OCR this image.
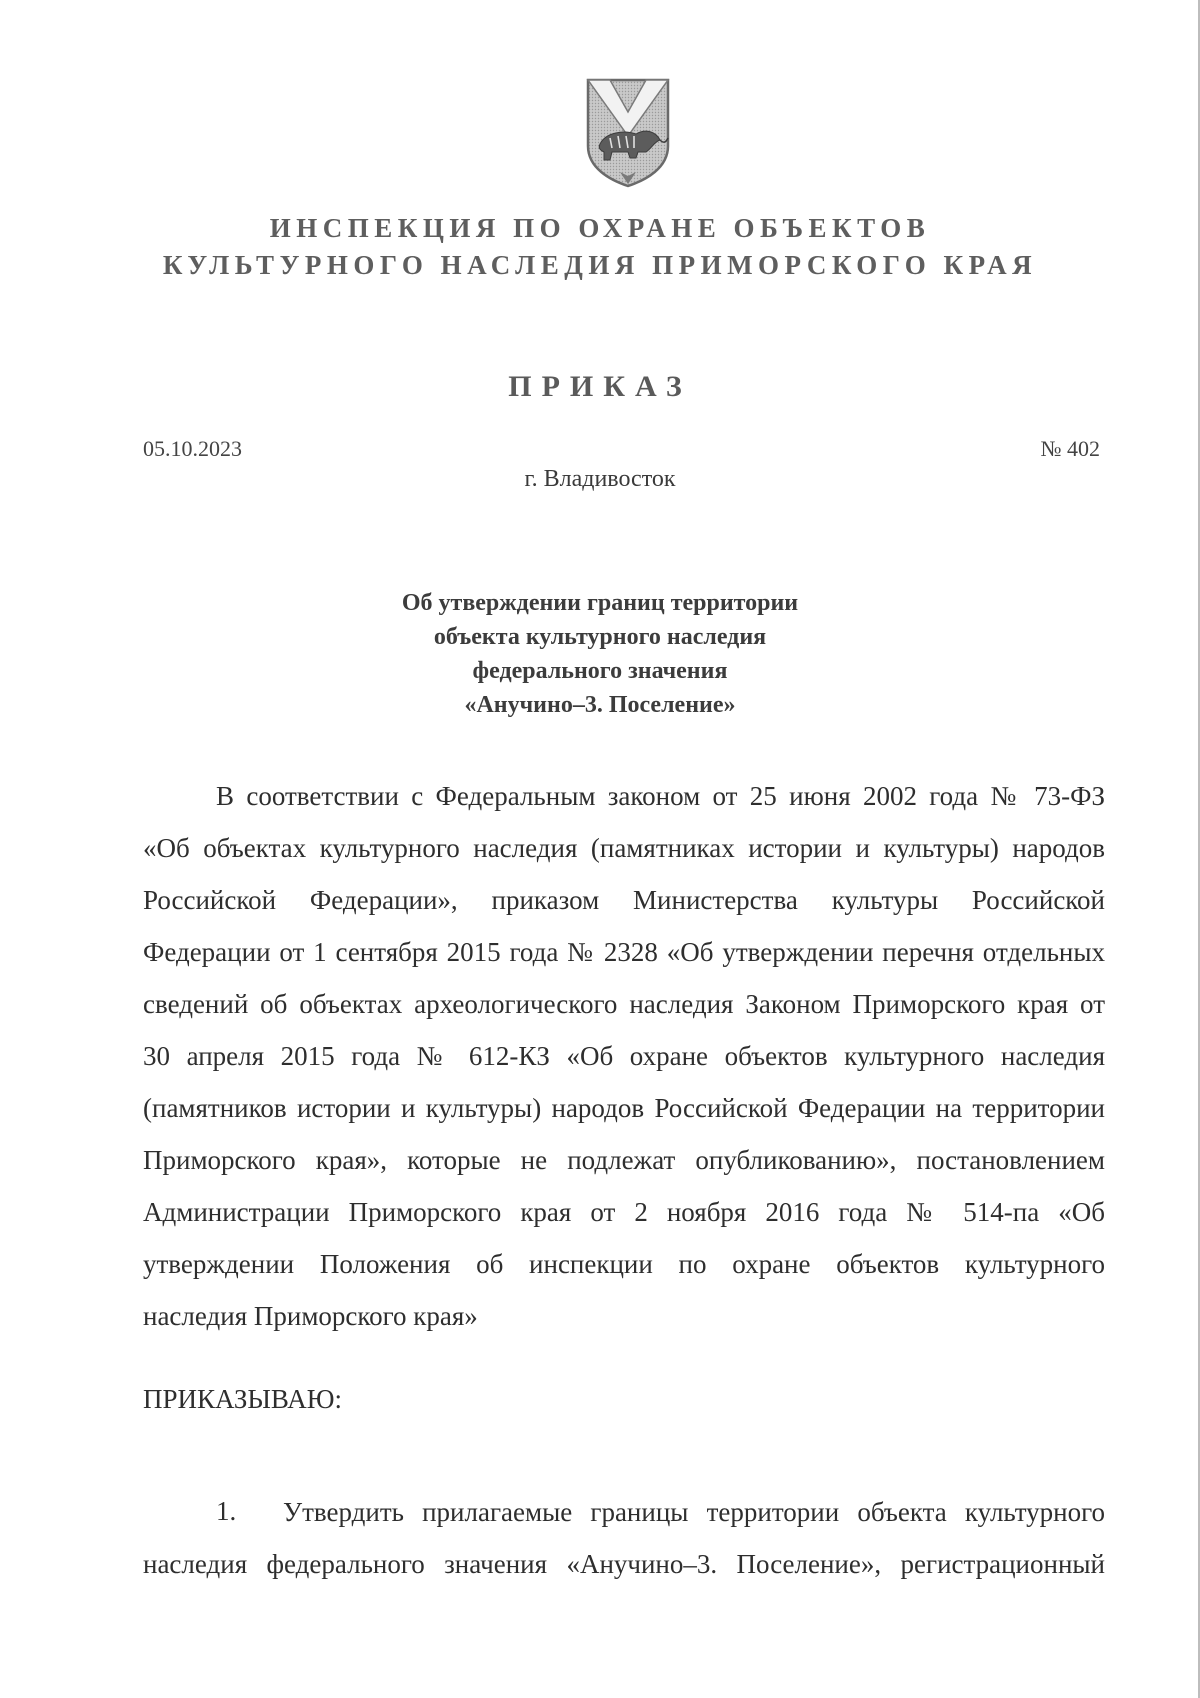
ИНСПЕКЦИЯ ПО ОХРАНЕ ОБЪЕКТОВ
КУЛЬТУРНОГО НАСЛЕДИЯ ПРИМОРСКОГО КРАЯ
ПРИКАЗ
05.10.2023	№ 402
г. Владивосток
Об утверждении границ территории
объекта культурного наследия
федерального значения
«Анучино–3. Поселение»
В соответствии с Федеральным законом от 25 июня 2002 года № 73-ФЗ
«Об объектах культурного наследия (памятниках истории и культуры) народов
Российской Федерации», приказом Министерства культуры Российской
Федерации от 1 сентября 2015 года № 2328 «Об утверждении перечня отдельных
сведений об объектах археологического наследия Законом Приморского края от
30 апреля 2015 года № 612-КЗ «Об охране объектов культурного наследия
(памятников истории и культуры) народов Российской Федерации на территории
Приморского края», которые не подлежат опубликованию», постановлением
Администрации Приморского края от 2 ноября 2016 года № 514-па «Об
утверждении Положения об инспекции по охране объектов культурного
наследия Приморского края»
ПРИКАЗЫВАЮ:
1. Утвердить прилагаемые границы территории объекта культурного
наследия федерального значения «Анучино–3. Поселение», регистрационный
